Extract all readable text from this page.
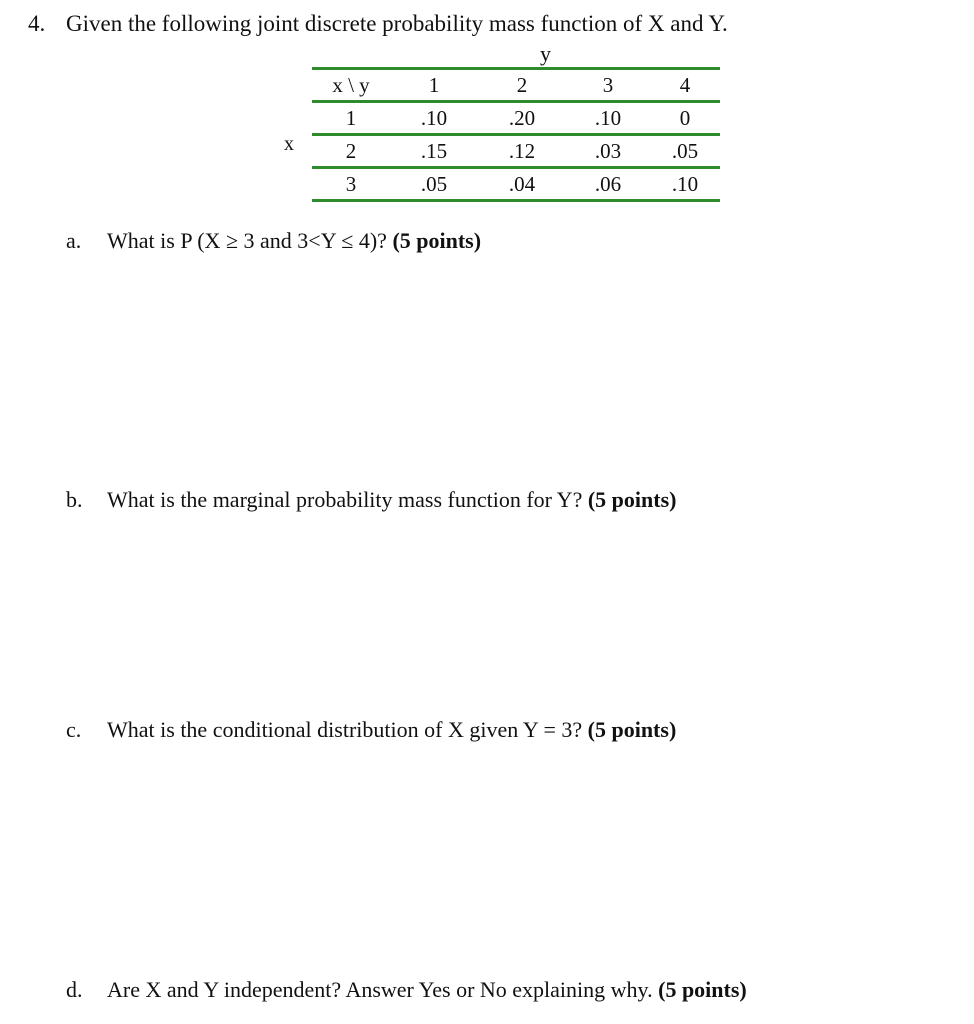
4. Given the following joint discrete probability mass function of X and Y.
y
x
x \ y	1	2	3	4
1	.10	.20	.10	0
2	.15	.12	.03	.05
3	.05	.04	.06	.10
a. What is P (X ≥ 3 and 3<Y ≤ 4)? (5 points)
b. What is the marginal probability mass function for Y? (5 points)
c. What is the conditional distribution of X given Y = 3? (5 points)
d. Are X and Y independent? Answer Yes or No explaining why. (5 points)
